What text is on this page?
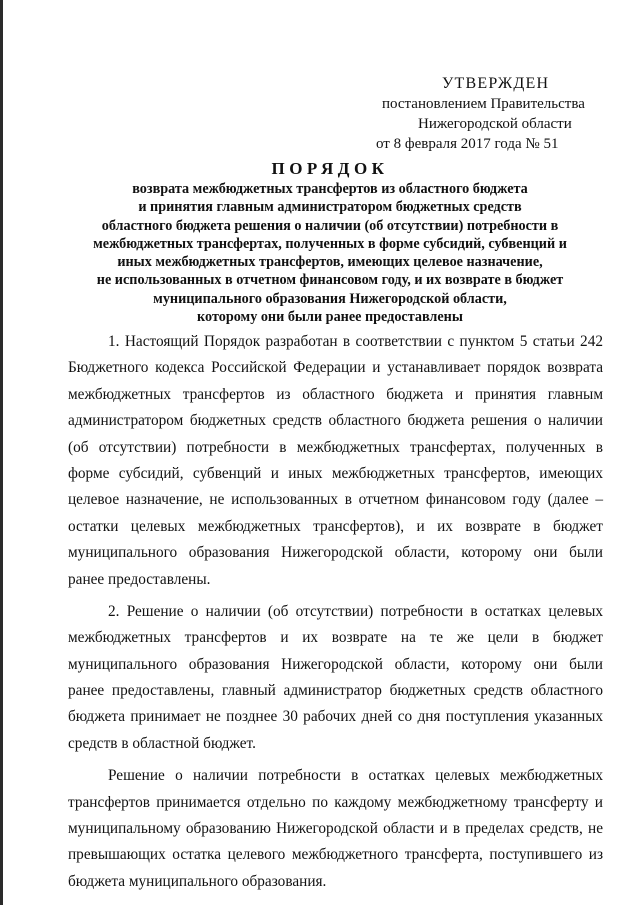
УТВЕРЖДЕН
постановлением Правительства
Нижегородской области
от 8 февраля 2017 года № 51
ПОРЯДОК
возврата межбюджетных трансфертов из областного бюджета
и принятия главным администратором бюджетных средств
областного бюджета решения о наличии (об отсутствии) потребности в
межбюджетных трансфертах, полученных в форме субсидий, субвенций и
иных межбюджетных трансфертов, имеющих целевое назначение,
не использованных в отчетном финансовом году, и их возврате в бюджет
муниципального образования Нижегородской области,
которому они были ранее предоставлены
1. Настоящий Порядок разработан в соответствии с пунктом 5 статьи 242
Бюджетного кодекса Российской Федерации и устанавливает порядок возврата
межбюджетных трансфертов из областного бюджета и принятия главным
администратором бюджетных средств областного бюджета решения о наличии
(об отсутствии) потребности в межбюджетных трансфертах, полученных в
форме субсидий, субвенций и иных межбюджетных трансфертов, имеющих
целевое назначение, не использованных в отчетном финансовом году (далее –
остатки целевых межбюджетных трансфертов), и их возврате в бюджет
муниципального образования Нижегородской области, которому они были
ранее предоставлены.
2. Решение о наличии (об отсутствии) потребности в остатках целевых
межбюджетных трансфертов и их возврате на те же цели в бюджет
муниципального образования Нижегородской области, которому они были
ранее предоставлены, главный администратор бюджетных средств областного
бюджета принимает не позднее 30 рабочих дней со дня поступления указанных
средств в областной бюджет.
Решение о наличии потребности в остатках целевых межбюджетных
трансфертов принимается отдельно по каждому межбюджетному трансферту и
муниципальному образованию Нижегородской области и в пределах средств, не
превышающих остатка целевого межбюджетного трансферта, поступившего из
бюджета муниципального образования.
